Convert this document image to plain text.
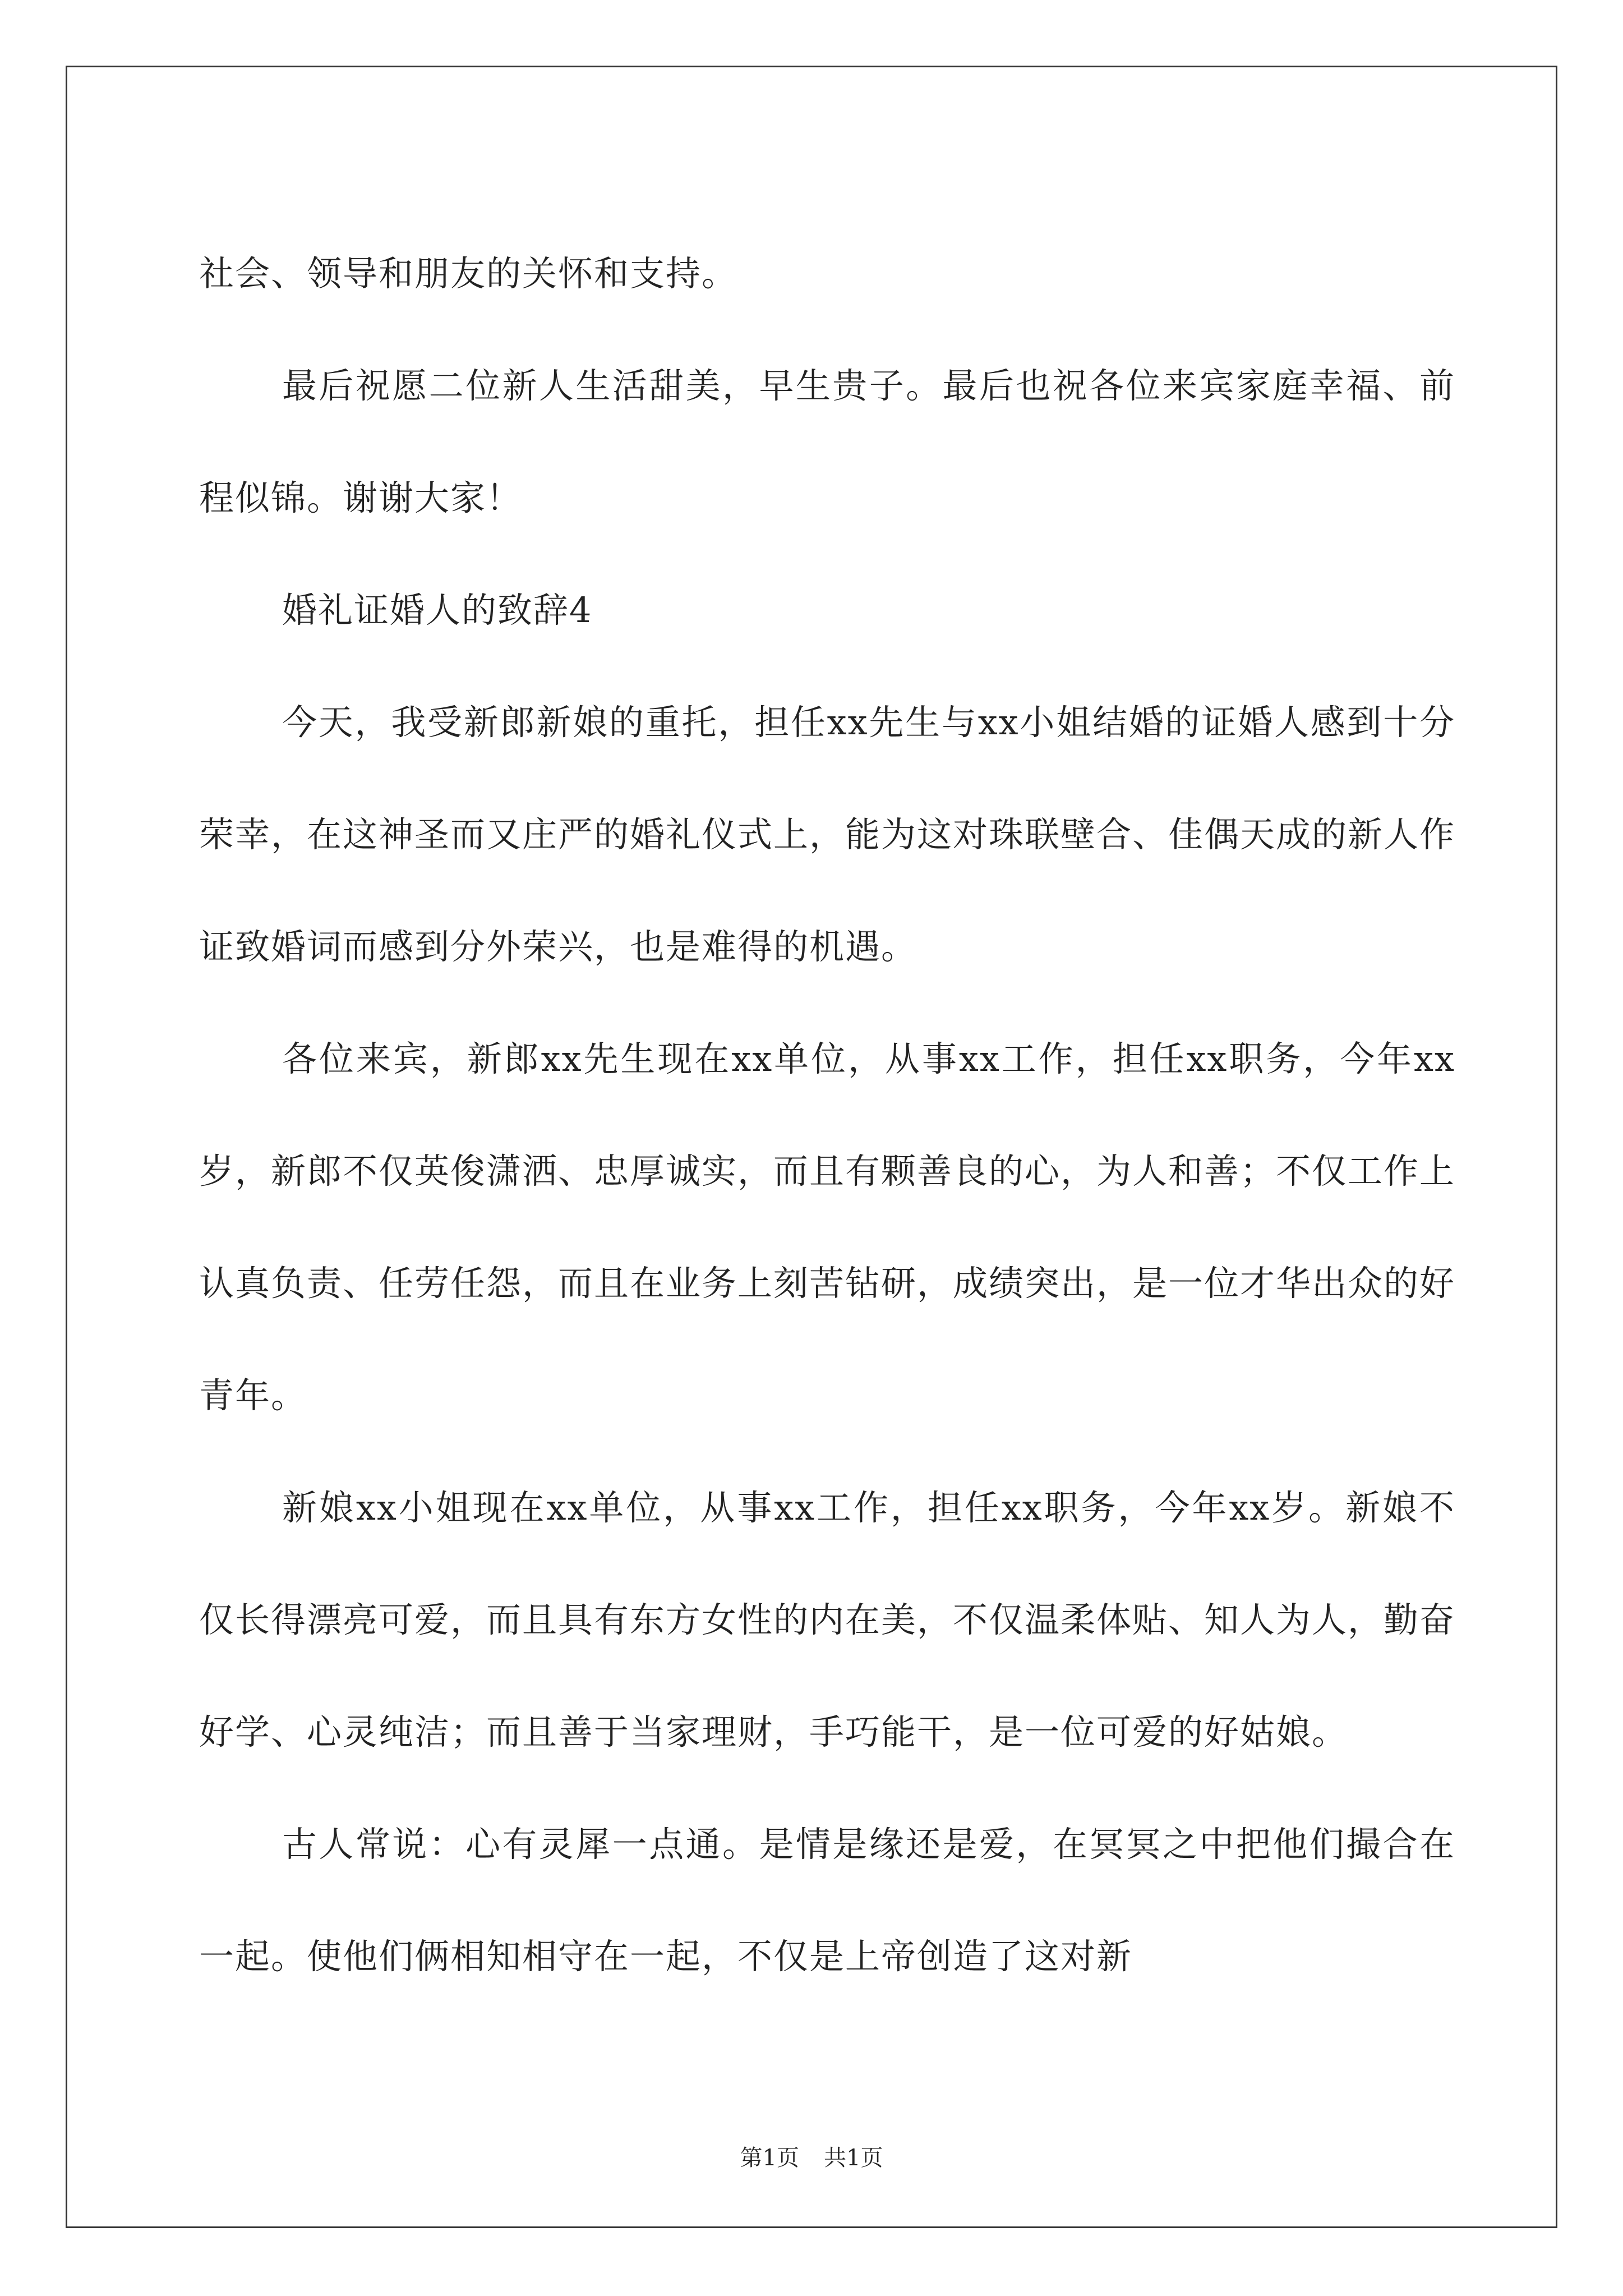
社会、领导和朋友的关怀和支持。

最后祝愿二位新人生活甜美，早生贵子。最后也祝各位来宾家庭幸福、前程似锦。谢谢大家！

婚礼证婚人的致辞4

今天，我受新郎新娘的重托，担任xx先生与xx小姐结婚的证婚人感到十分荣幸，在这神圣而又庄严的婚礼仪式上，能为这对珠联壁合、佳偶天成的新人作证致婚词而感到分外荣兴，也是难得的机遇。

各位来宾，新郎xx先生现在xx单位，从事xx工作，担任xx职务，今年xx岁，新郎不仅英俊潇洒、忠厚诚实，而且有颗善良的心，为人和善；不仅工作上认真负责、任劳任怨，而且在业务上刻苦钻研，成绩突出，是一位才华出众的好青年。

新娘xx小姐现在xx单位，从事xx工作，担任xx职务，今年xx岁。新娘不仅长得漂亮可爱，而且具有东方女性的内在美，不仅温柔体贴、知人为人，勤奋好学、心灵纯洁；而且善于当家理财，手巧能干，是一位可爱的好姑娘。

古人常说：心有灵犀一点通。是情是缘还是爱，在冥冥之中把他们撮合在一起。使他们俩相知相守在一起，不仅是上帝创造了这对新

第1页 共1页
